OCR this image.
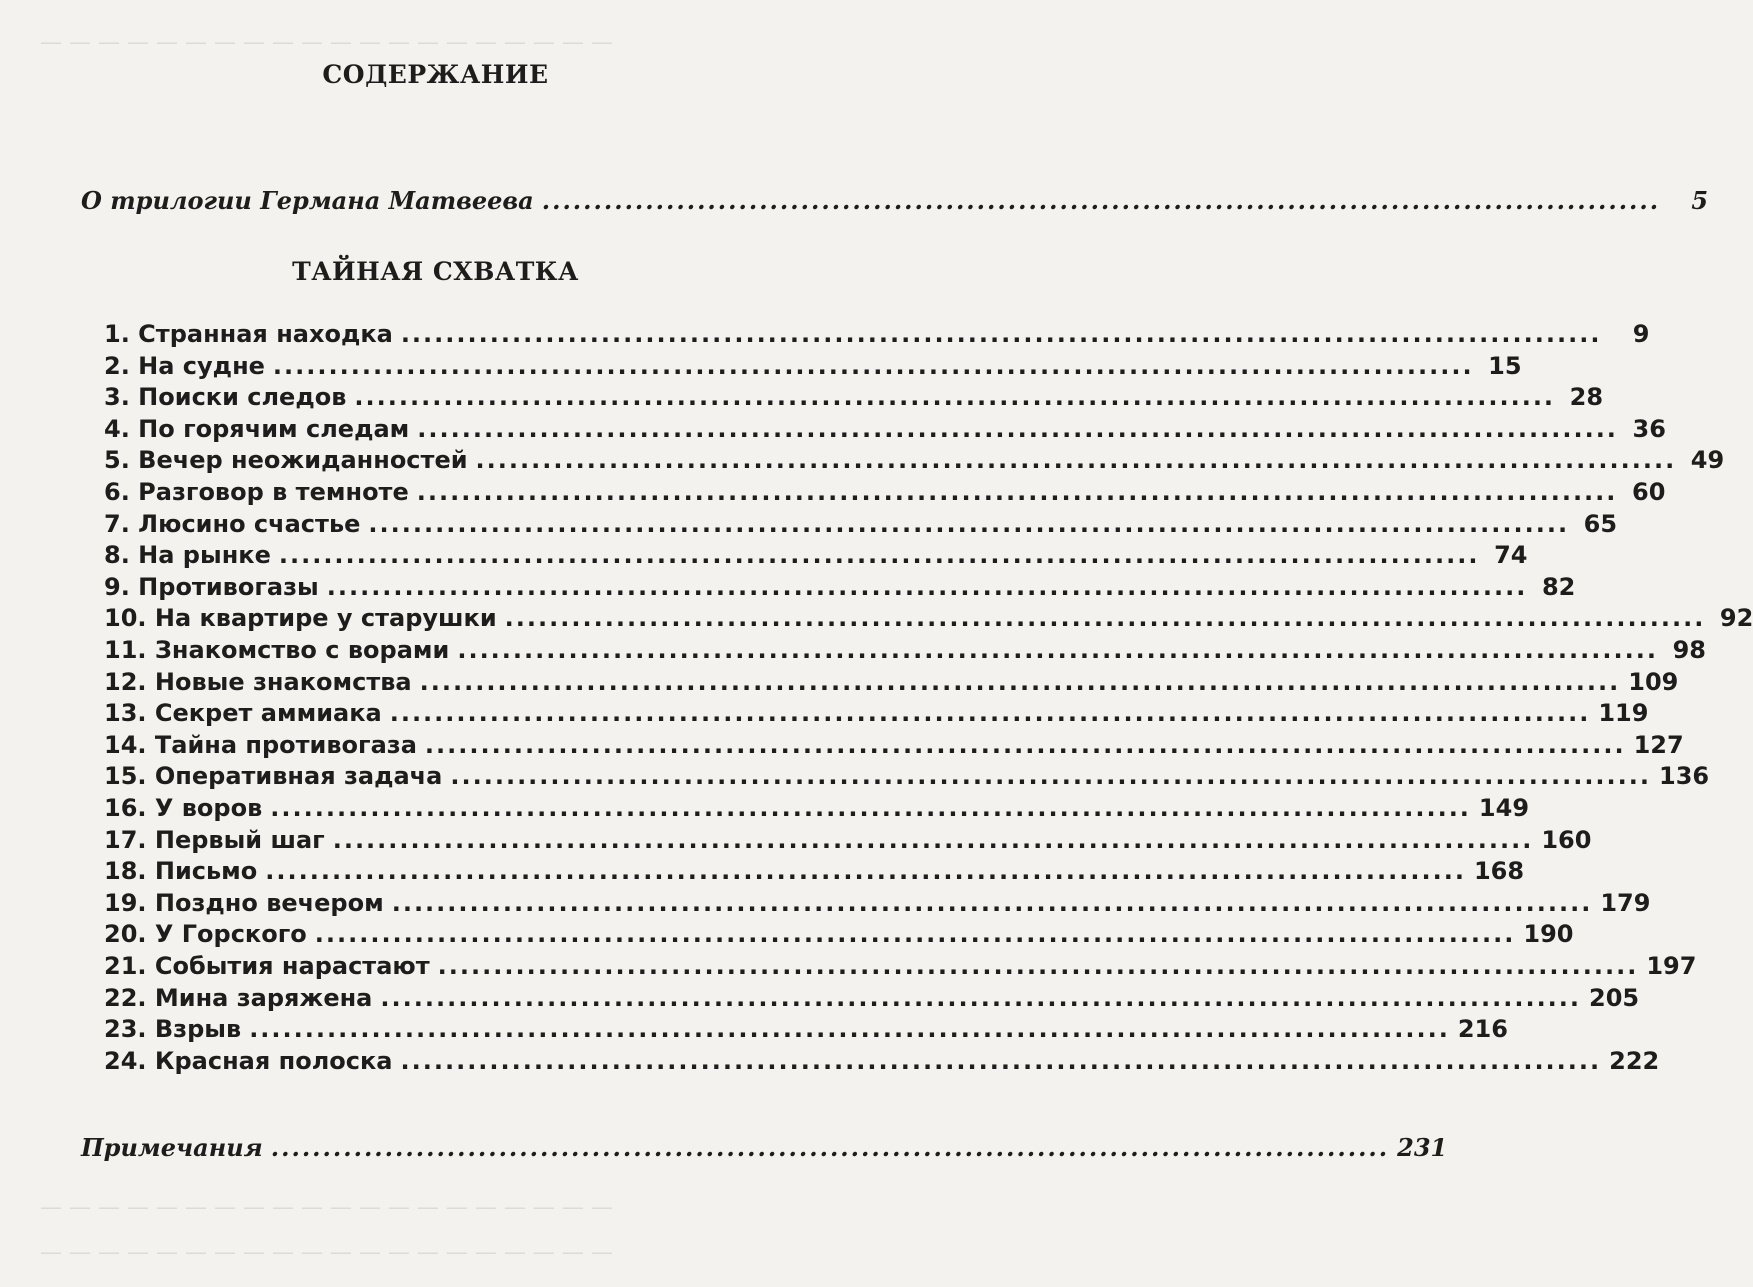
— — — — — — — — — — — — — — — — — — — —
— — — — — — — — — — — — — — — — — — — —
— — — — — — — — — — — — — — — — — — — —
СОДЕРЖАНИЕ
О трилогии Германа Матвеева ............................................................................................................	5
ТАЙНАЯ СХВАТКА
1. Странная находка ............................................................................................................	9
2. На судне ............................................................................................................ 15
3. Поиски следов ............................................................................................................ 28
4. По горячим следам ............................................................................................................ 36
5. Вечер неожиданностей ............................................................................................................ 49
6. Разговор в темноте ............................................................................................................ 60
7. Люсино счастье ............................................................................................................ 65
8. На рынке ............................................................................................................ 74
9. Противогазы ............................................................................................................ 82
10. На квартире у старушки ............................................................................................................ 92
11. Знакомство с ворами ............................................................................................................ 98
12. Новые знакомства ............................................................................................................ 109
13. Секрет аммиака ............................................................................................................ 119
14. Тайна противогаза ............................................................................................................ 127
15. Оперативная задача ............................................................................................................ 136
16. У воров ............................................................................................................ 149
17. Первый шаг ............................................................................................................ 160
18. Письмо ............................................................................................................ 168
19. Поздно вечером ............................................................................................................ 179
20. У Горского ............................................................................................................ 190
21. События нарастают ............................................................................................................ 197
22. Мина заряжена ............................................................................................................ 205
23. Взрыв ............................................................................................................ 216
24. Красная полоска ............................................................................................................ 222
Примечания ............................................................................................................ 231
